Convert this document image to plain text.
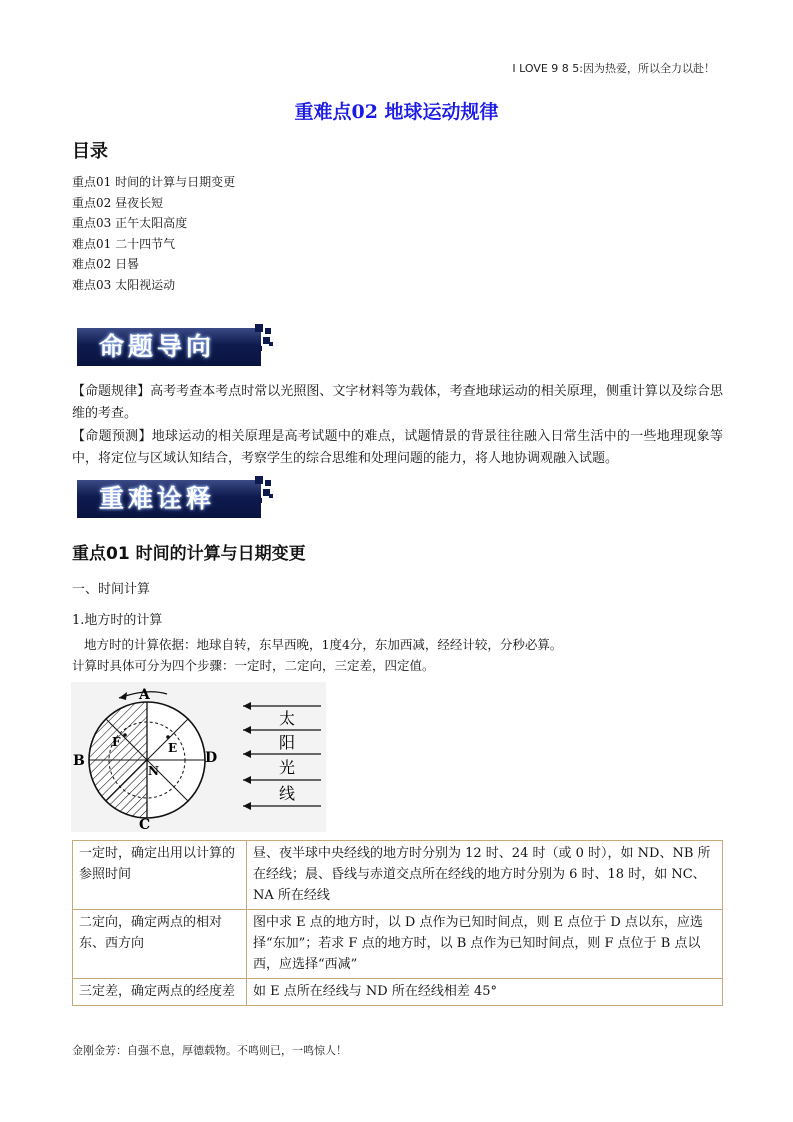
I LOVE 9 8 5:因为热爱，所以全力以赴！
重难点02 地球运动规律
目录
重点01 时间的计算与日期变更
重点02 昼夜长短
重点03 正午太阳高度
难点01 二十四节气
难点02 日晷
难点03 太阳视运动
命题导向
【命题规律】高考考查本考点时常以光照图、文字材料等为载体，考查地球运动的相关原理，侧重计算以及综合思维的考查。
【命题预测】地球运动的相关原理是高考试题中的难点，试题情景的背景往往融入日常生活中的一些地理现象等中，将定位与区域认知结合，考察学生的综合思维和处理问题的能力，将人地协调观融入试题。
重难诠释
重点01 时间的计算与日期变更
一、时间计算
1.地方时的计算
地方时的计算依据：地球自转，东早西晚，1度4分，东加西减，经经计较，分秒必算。
计算时具体可分为四个步骤：一定时，二定向，三定差，四定值。
A
B
C
D
E
F
N
太
阳
光
线
一定时，确定出用以计算的参照时间	昼、夜半球中央经线的地方时分别为 12 时、24 时（或 0 时），如 ND、NB 所在经线；晨、昏线与赤道交点所在经线的地方时分别为 6 时、18 时，如 NC、NA 所在经线
二定向，确定两点的相对东、西方向	图中求 E 点的地方时，以 D 点作为已知时间点，则 E 点位于 D 点以东，应选择“东加”；若求 F 点的地方时，以 B 点作为已知时间点，则 F 点位于 B 点以西，应选择“西减”
三定差，确定两点的经度差	如 E 点所在经线与 ND 所在经线相差 45°
金刚金芳：自强不息，厚德载物。不鸣则已，一鸣惊人！
